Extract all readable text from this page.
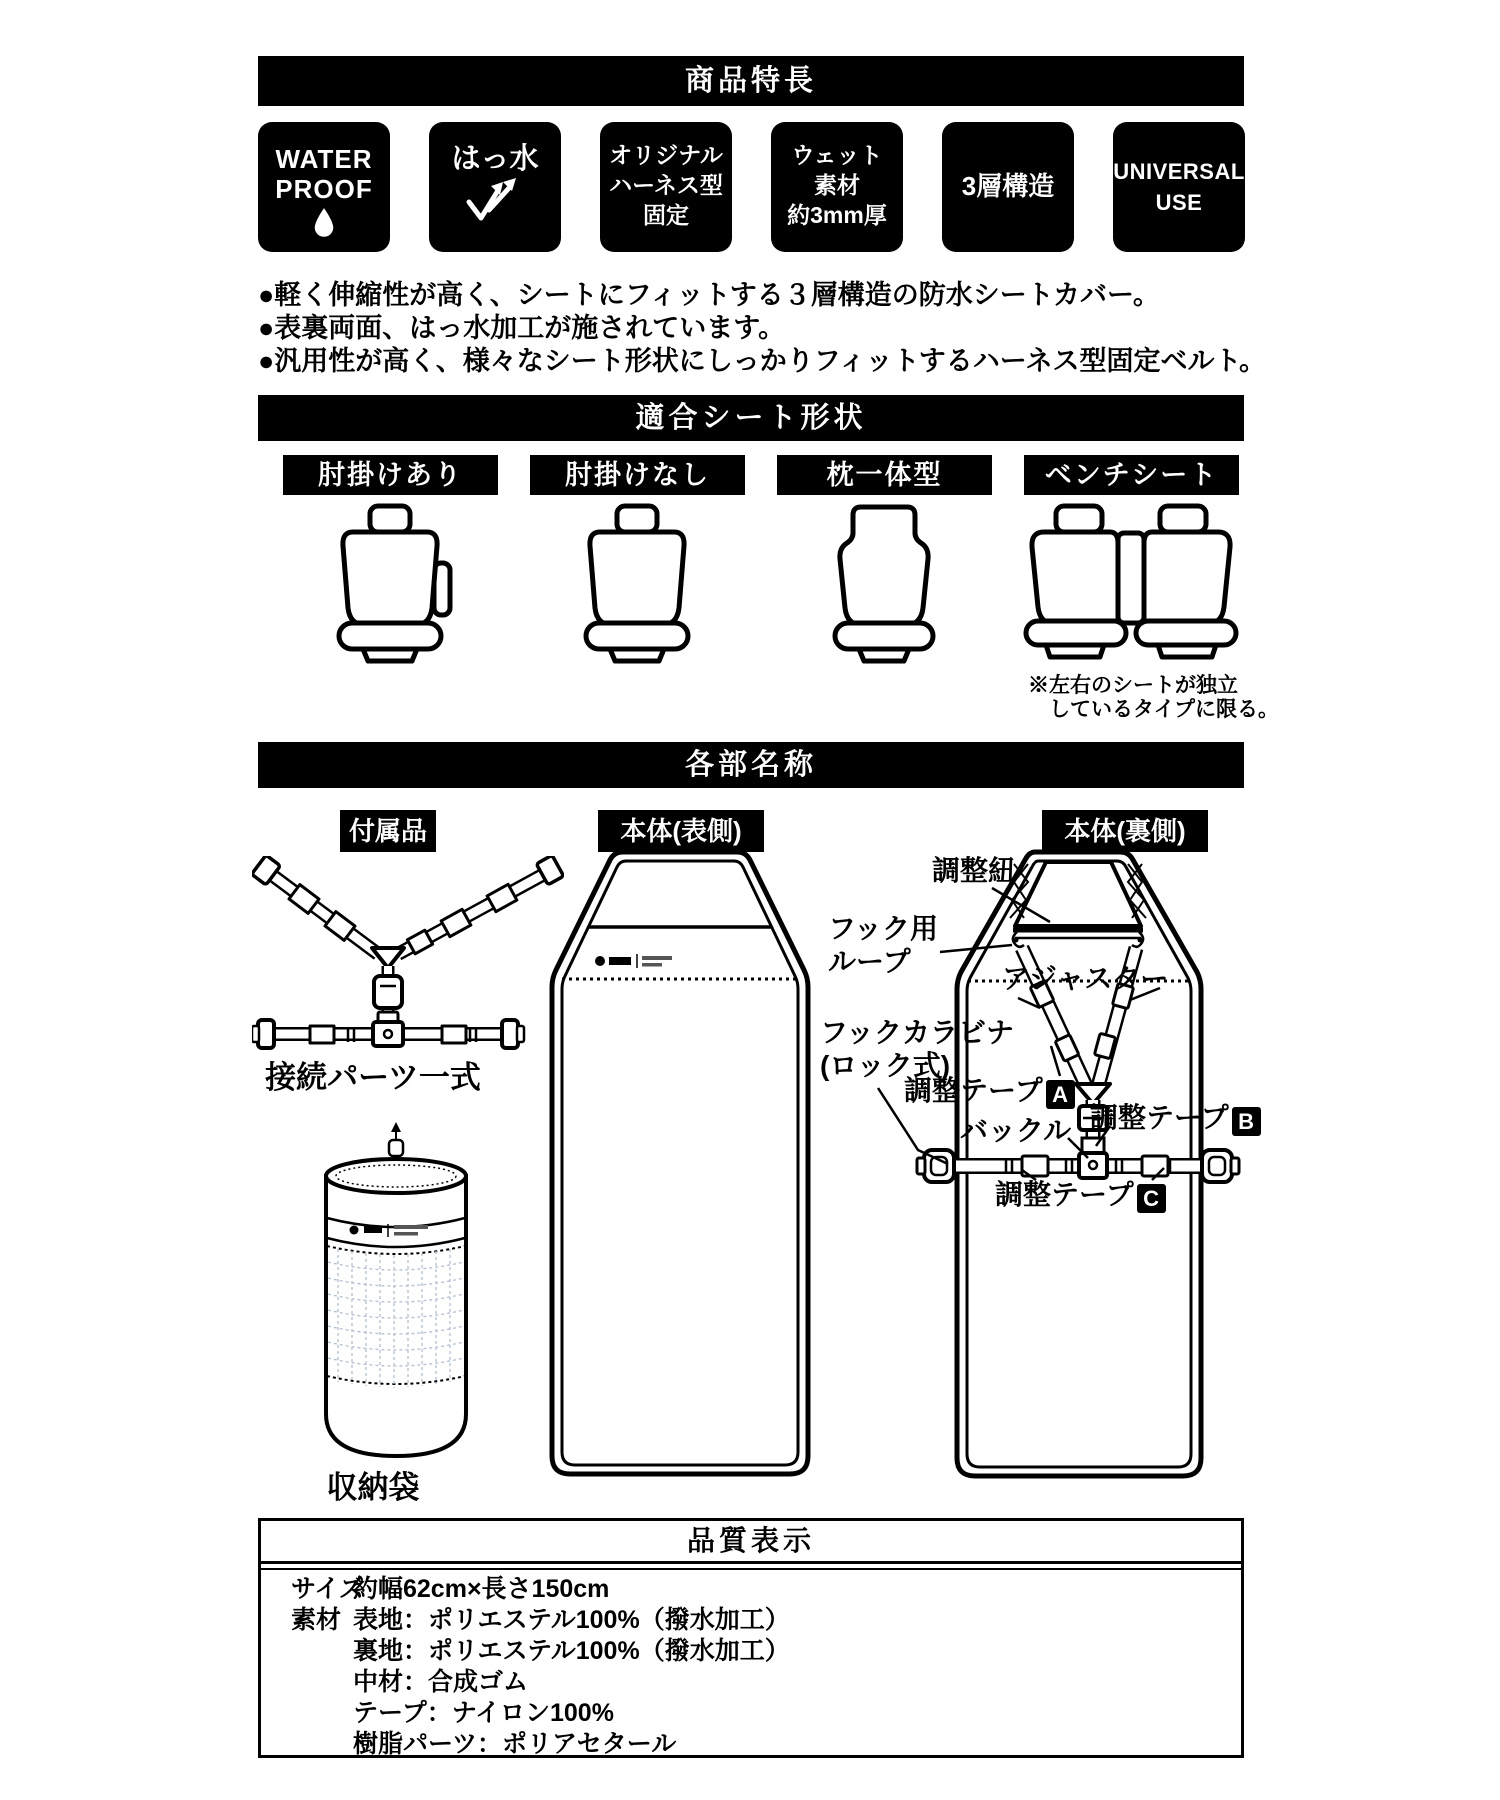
商品特長
WATER
PROOF
はっ水	オリジナル
ハーネス型
固定
ウェット
素材
約3mm厚
3層構造	UNIVERSAL
USE
●軽く伸縮性が高く、シートにフィットする３層構造の防水シートカバー。
●表裏両面、はっ水加工が施されています。
●汎用性が高く、様々なシート形状にしっかりフィットするハーネス型固定ベルト。
適合シート形状
肘掛けあり	肘掛けなし	枕一体型	ベンチシート
※左右のシートが独立
しているタイプに限る。
各部名称
付属品	本体(表側)	本体(裏側)
接続パーツ一式
収納袋
調整紐
フック用
ループ
アジャスター
フックカラビナ
(ロック式)
調整テープ A
バックル 調整テープ B
調整テープ C
品質表示
サイズ
約幅62cm×長さ150cm
素材 表地：ポリエステル100%（撥水加工）
裏地：ポリエステル100%（撥水加工）
中材：合成ゴム
テープ：ナイロン100%
樹脂パーツ：ポリアセタール
